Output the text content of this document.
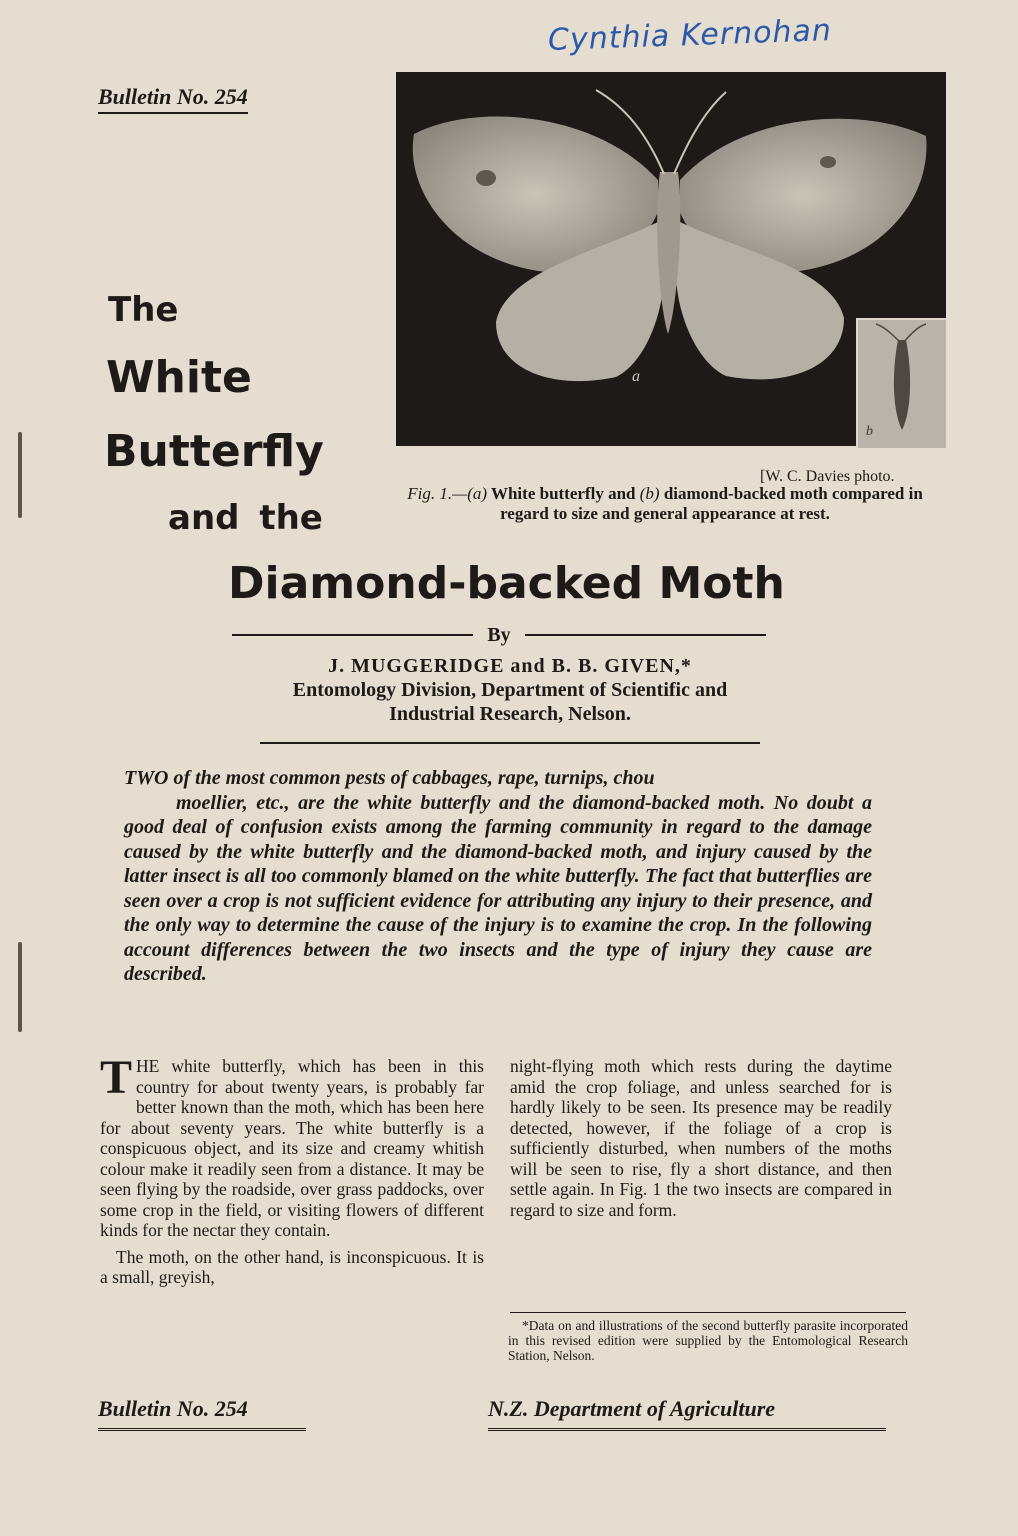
Cynthia Kernohan
Bulletin No. 254
a
b
[W. C. Davies photo.
Fig. 1.—(a) White butterfly and (b) diamond-backed moth compared in regard to size and general appearance at rest.
The
White
Butterfly
and the
Diamond-backed Moth
By
J. MUGGERIDGE and B. B. GIVEN,*
Entomology Division, Department of Scientific and
Industrial Research, Nelson.
TWO of the most common pests of cabbages, rape, turnips, chou
moellier, etc., are the white butterfly and the diamond-backed moth. No doubt a good deal of confusion exists among the farming community in regard to the damage caused by the white butterfly and the diamond-backed moth, and injury caused by the latter insect is all too commonly blamed on the white butterfly. The fact that butterflies are seen over a crop is not sufficient evidence for attributing any injury to their presence, and the only way to determine the cause of the injury is to examine the crop. In the following account differences between the two insects and the type of injury they cause are described.

THE white butterfly, which has been in this country for about twenty years, is probably far better known than the moth, which has been here for about seventy years. The white butterfly is a conspicuous object, and its size and creamy whitish colour make it readily seen from a distance. It may be seen flying by the roadside, over grass paddocks, over some crop in the field, or visiting flowers of different kinds for the nectar they contain.

The moth, on the other hand, is inconspicuous. It is a small, greyish,

night-flying moth which rests during the daytime amid the crop foliage, and unless searched for is hardly likely to be seen. Its presence may be readily detected, however, if the foliage of a crop is sufficiently disturbed, when numbers of the moths will be seen to rise, fly a short distance, and then settle again. In Fig. 1 the two insects are compared in regard to size and form.

*Data on and illustrations of the second butterfly parasite incorporated in this revised edition were supplied by the Entomological Research Station, Nelson.
Bulletin No. 254	N.Z. Department of Agriculture
